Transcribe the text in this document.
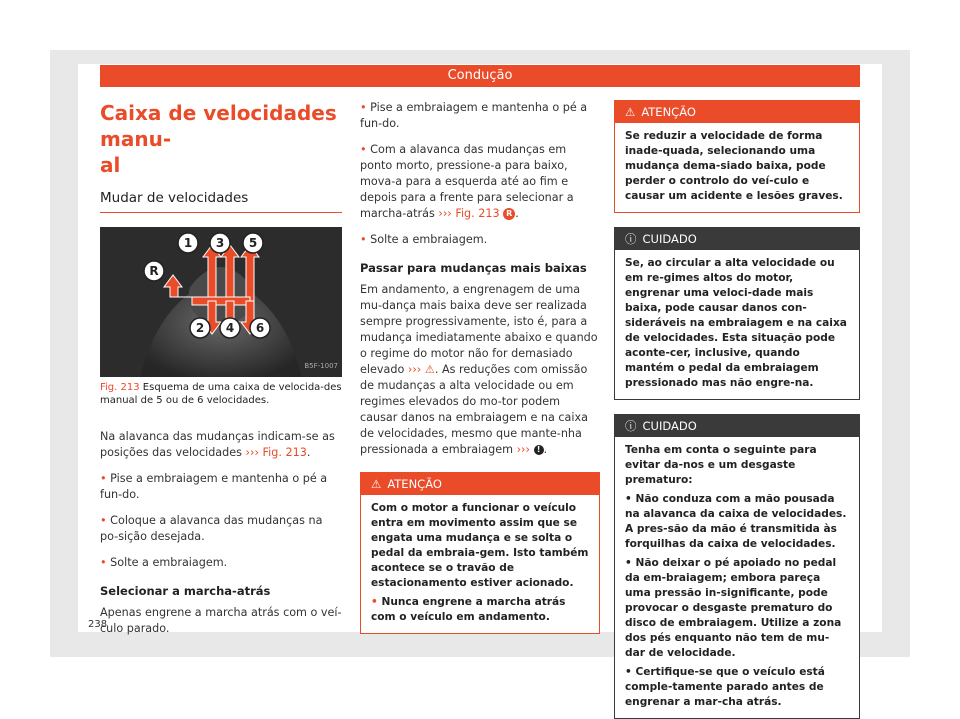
Condução
Caixa de velocidades manu-
al
Mudar de velocidades
1 3 5
R
2 4 6
B5F-1007
Fig. 213 Esquema de uma caixa de velocida-des manual de 5 ou de 6 velocidades.

Na alavanca das mudanças indicam-se as posições das velocidades ››› Fig. 213.

• Pise a embraiagem e mantenha o pé a fun-do.

• Coloque a alavanca das mudanças na po-sição desejada.

• Solte a embraiagem.

Selecionar a marcha-atrás

Apenas engrene a marcha atrás com o veí-culo parado.

• Pise a embraiagem e mantenha o pé a fun-do.

• Com a alavanca das mudanças em ponto morto, pressione-a para baixo, mova-a para a esquerda até ao fim e depois para a frente para selecionar a marcha-atrás ››› Fig. 213 R .

• Solte a embraiagem.

Passar para mudanças mais baixas

Em andamento, a engrenagem de uma mu-dança mais baixa deve ser realizada sempre progressivamente, isto é, para a mudança imediatamente abaixo e quando o regime do motor não for demasiado elevado ››› ⚠. As reduções com omissão de mudanças a alta velocidade ou em regimes elevados do mo-tor podem causar danos na embraiagem e na caixa de velocidades, mesmo que mante-nha pressionada a embraiagem ››› ! .

⚠ ATENÇÃO

Com o motor a funcionar o veículo entra em movimento assim que se engata uma mudança e se solta o pedal da embraia-gem. Isto também acontece se o travão de estacionamento estiver acionado.

• Nunca engrene a marcha atrás com o veículo em andamento.

⚠ ATENÇÃO
Se reduzir a velocidade de forma inade-quada, selecionando uma mudança dema-siado baixa, pode perder o controlo do veí-culo e causar um acidente e lesões graves.
ⓘ CUIDADO
Se, ao circular a alta velocidade ou em re-gimes altos do motor, engrenar uma veloci-dade mais baixa, pode causar danos con-sideráveis na embraiagem e na caixa de velocidades. Esta situação pode aconte-cer, inclusive, quando mantém o pedal da embraiagem pressionado mas não engre-na.
ⓘ CUIDADO

Tenha em conta o seguinte para evitar da-nos e um desgaste prematuro:

• Não conduza com a mão pousada na alavanca da caixa de velocidades. A pres-são da mão é transmitida às forquilhas da caixa de velocidades.

• Não deixar o pé apoiado no pedal da em-braiagem; embora pareça uma pressão in-significante, pode provocar o desgaste prematuro do disco de embraiagem. Utilize a zona dos pés enquanto não tem de mu-dar de velocidade.

• Certifique-se que o veículo está comple-tamente parado antes de engrenar a mar-cha atrás.

238
